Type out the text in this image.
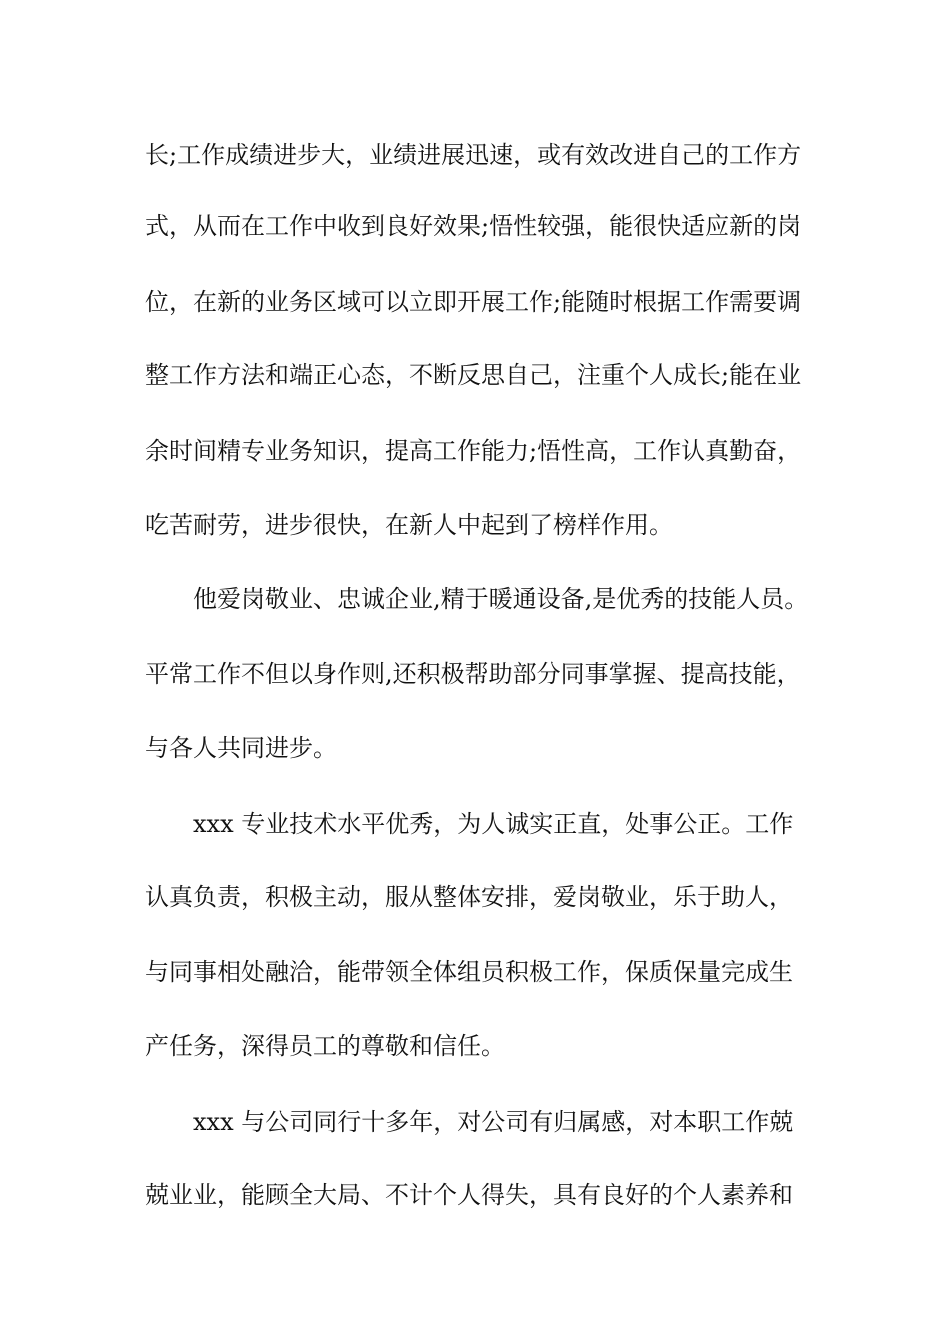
长;工作成绩进步大，业绩进展迅速，或有效改进自己的工作方
式，从而在工作中收到良好效果;悟性较强，能很快适应新的岗
位，在新的业务区域可以立即开展工作;能随时根据工作需要调
整工作方法和端正心态，不断反思自己，注重个人成长;能在业
余时间精专业务知识，提高工作能力;悟性高，工作认真勤奋，
吃苦耐劳，进步很快，在新人中起到了榜样作用。
他爱岗敬业、忠诚企业,精于暖通设备,是优秀的技能人员。
平常工作不但以身作则,还积极帮助部分同事掌握、提高技能，
与各人共同进步。
xxx 专业技术水平优秀，为人诚实正直，处事公正。工作
认真负责，积极主动，服从整体安排，爱岗敬业，乐于助人，
与同事相处融洽，能带领全体组员积极工作，保质保量完成生
产任务，深得员工的尊敬和信任。
xxx 与公司同行十多年，对公司有归属感，对本职工作兢
兢业业，能顾全大局、不计个人得失，具有良好的个人素养和
